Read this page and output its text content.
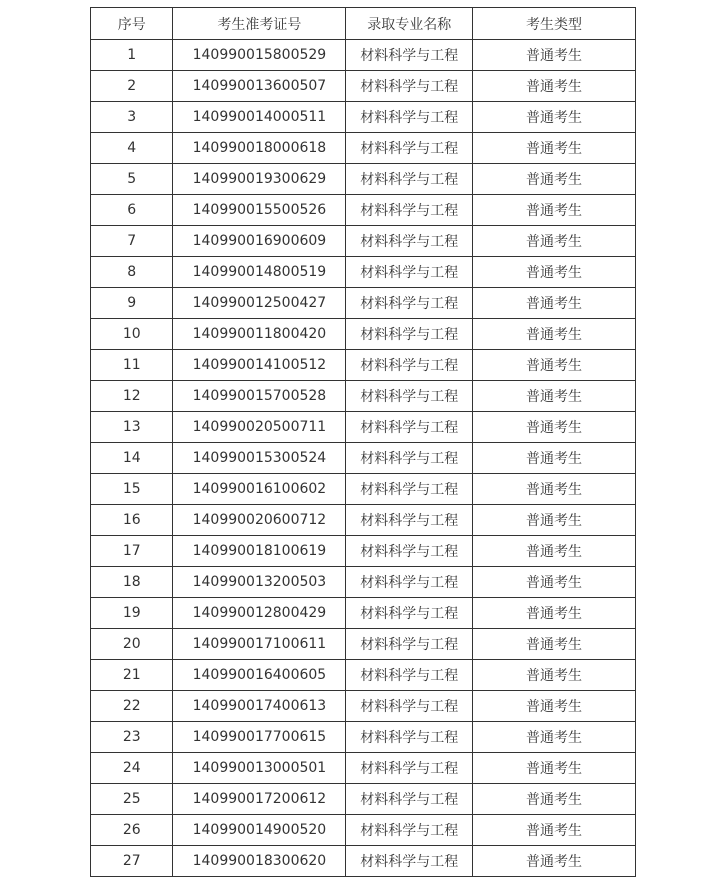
序号	考生准考证号	录取专业名称	考生类型
1	140990015800529	材料科学与工程	普通考生
2	140990013600507	材料科学与工程	普通考生
3	140990014000511	材料科学与工程	普通考生
4	140990018000618	材料科学与工程	普通考生
5	140990019300629	材料科学与工程	普通考生
6	140990015500526	材料科学与工程	普通考生
7	140990016900609	材料科学与工程	普通考生
8	140990014800519	材料科学与工程	普通考生
9	140990012500427	材料科学与工程	普通考生
10	140990011800420	材料科学与工程	普通考生
11	140990014100512	材料科学与工程	普通考生
12	140990015700528	材料科学与工程	普通考生
13	140990020500711	材料科学与工程	普通考生
14	140990015300524	材料科学与工程	普通考生
15	140990016100602	材料科学与工程	普通考生
16	140990020600712	材料科学与工程	普通考生
17	140990018100619	材料科学与工程	普通考生
18	140990013200503	材料科学与工程	普通考生
19	140990012800429	材料科学与工程	普通考生
20	140990017100611	材料科学与工程	普通考生
21	140990016400605	材料科学与工程	普通考生
22	140990017400613	材料科学与工程	普通考生
23	140990017700615	材料科学与工程	普通考生
24	140990013000501	材料科学与工程	普通考生
25	140990017200612	材料科学与工程	普通考生
26	140990014900520	材料科学与工程	普通考生
27	140990018300620	材料科学与工程	普通考生
